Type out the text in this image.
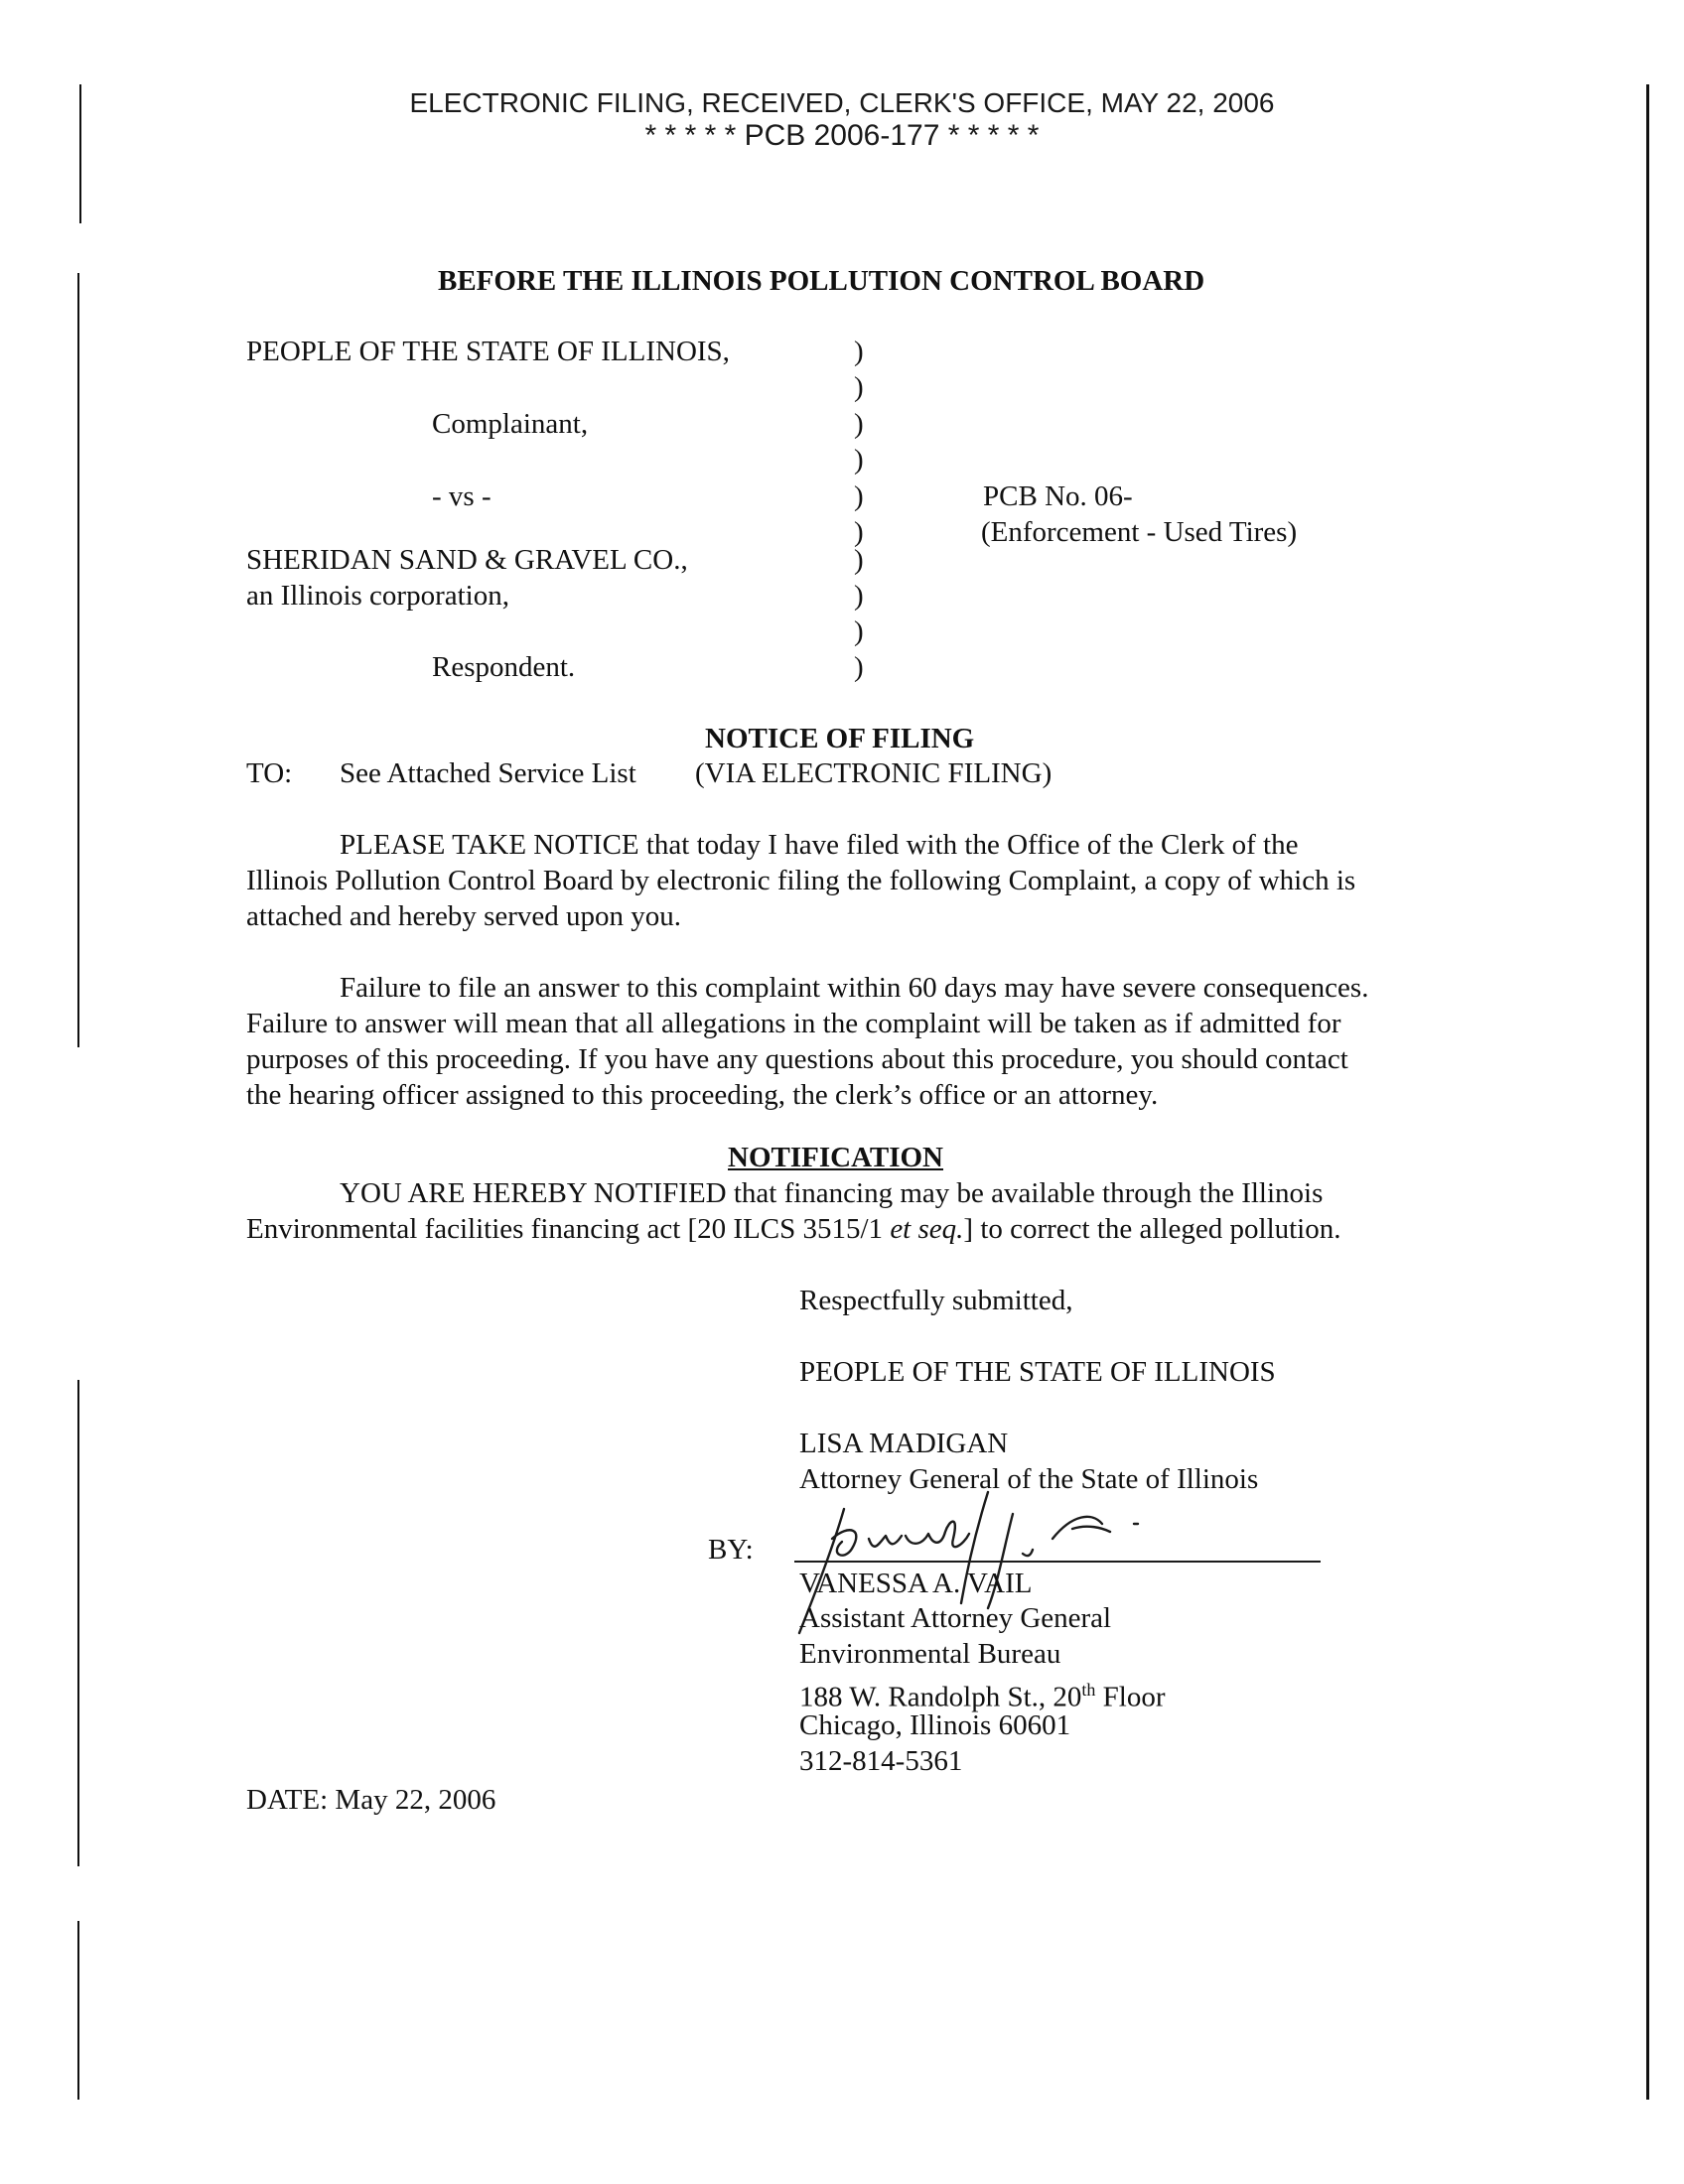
ELECTRONIC FILING, RECEIVED, CLERK'S OFFICE, MAY 22, 2006
* * * * * PCB 2006-177 * * * * *
BEFORE THE ILLINOIS POLLUTION CONTROL BOARD
PEOPLE OF THE STATE OF ILLINOIS,
Complainant,
- vs -
SHERIDAN SAND & GRAVEL CO.,
an Illinois corporation,
Respondent.
)
)
)
)
)
)
)
)
)
)
PCB No. 06-
(Enforcement - Used Tires)
NOTICE OF FILING
TO: See Attached Service List (VIA ELECTRONIC FILING)
PLEASE TAKE NOTICE that today I have filed with the Office of the Clerk of the
Illinois Pollution Control Board by electronic filing the following Complaint, a copy of which is
attached and hereby served upon you.
Failure to file an answer to this complaint within 60 days may have severe consequences.
Failure to answer will mean that all allegations in the complaint will be taken as if admitted for
purposes of this proceeding. If you have any questions about this procedure, you should contact
the hearing officer assigned to this proceeding, the clerk’s office or an attorney.
NOTIFICATION
YOU ARE HEREBY NOTIFIED that financing may be available through the Illinois
Environmental facilities financing act [20 ILCS 3515/1 et seq.] to correct the alleged pollution.
Respectfully submitted,
PEOPLE OF THE STATE OF ILLINOIS
LISA MADIGAN
Attorney General of the State of Illinois
BY:
VANESSA A. VAIL
Assistant Attorney General
Environmental Bureau
188 W. Randolph St., 20th Floor
Chicago, Illinois 60601
312-814-5361
DATE: May 22, 2006
